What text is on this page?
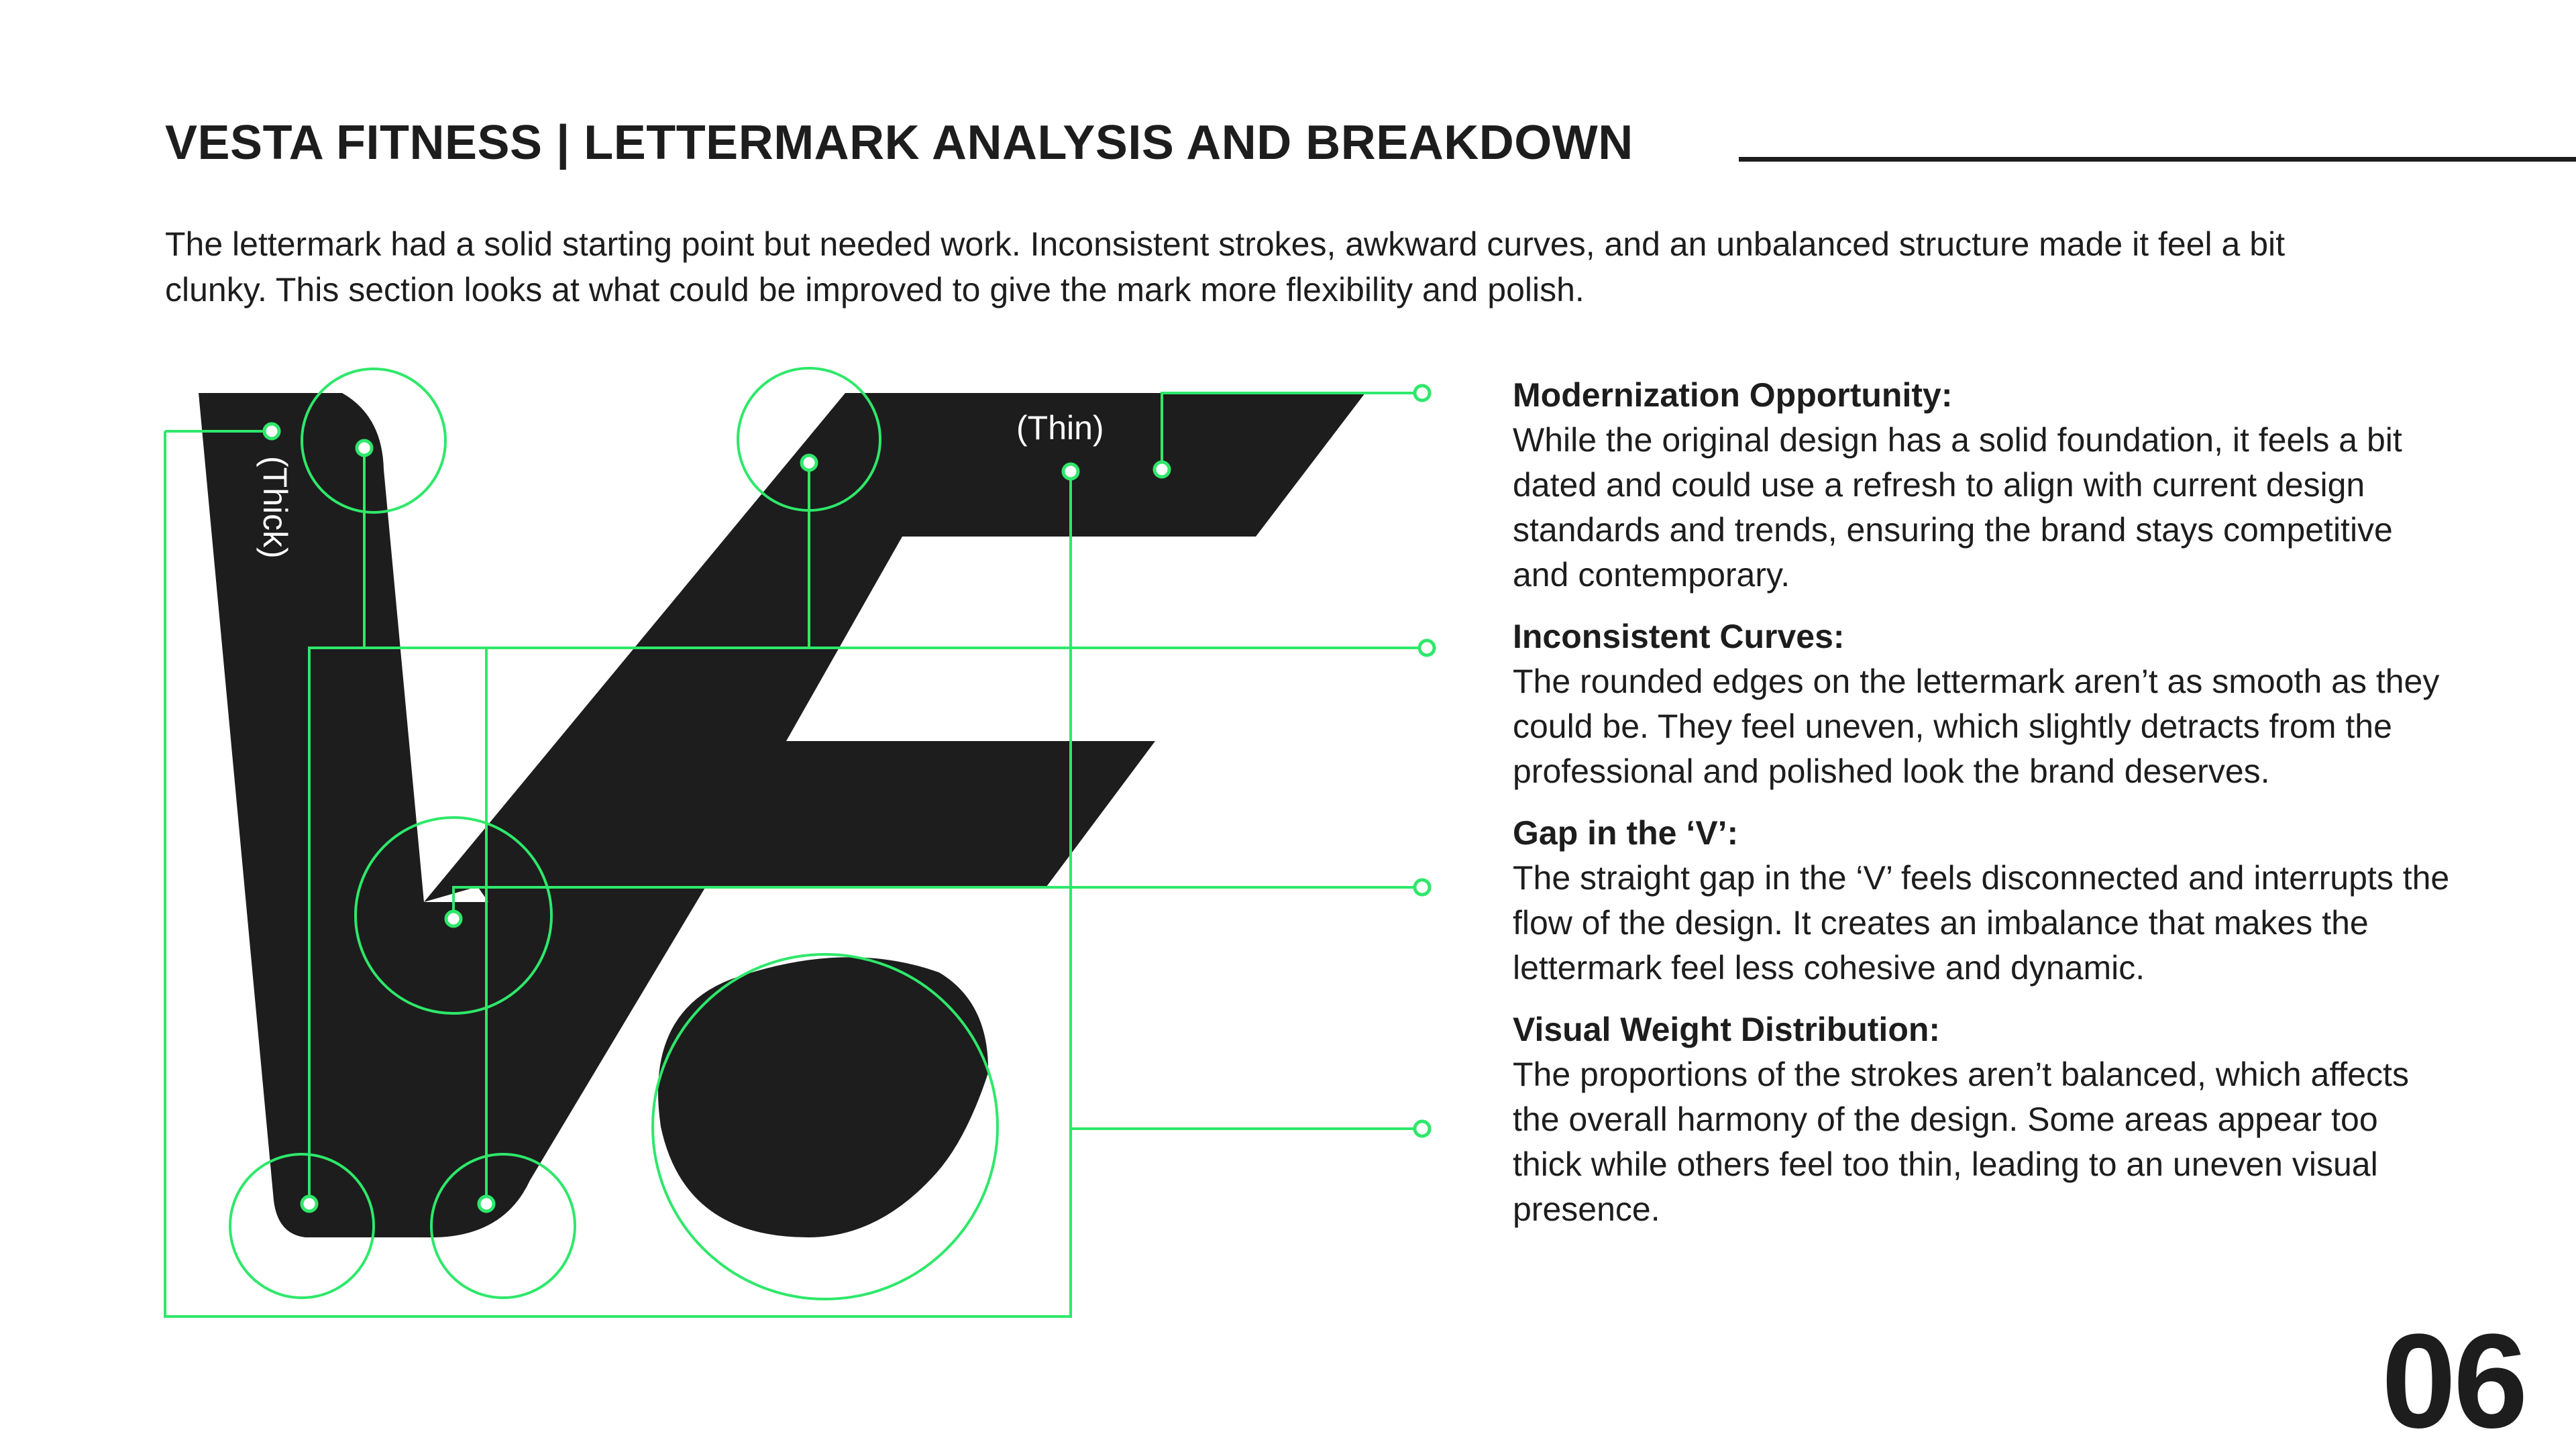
VESTA FITNESS | LETTERMARK ANALYSIS AND BREAKDOWN

The lettermark had a solid starting point but needed work. Inconsistent strokes, awkward curves, and an unbalanced structure made it feel a bit clunky. This section looks at what could be improved to give the mark more flexibility and polish.

(Thick)
(Thin)

Modernization Opportunity:

While the original design has a solid foundation, it feels a bit dated and could use a refresh to align with current design standards and trends, ensuring the brand stays competitive and contemporary.

Inconsistent Curves:

The rounded edges on the lettermark aren’t as smooth as they could be. They feel uneven, which slightly detracts from the professional and polished look the brand deserves.

Gap in the ‘V’:

The straight gap in the ‘V’ feels disconnected and interrupts the flow of the design. It creates an imbalance that makes the lettermark feel less cohesive and dynamic.

Visual Weight Distribution:

The proportions of the strokes aren’t balanced, which affects the overall harmony of the design. Some areas appear too thick while others feel too thin, leading to an uneven visual presence.

06
